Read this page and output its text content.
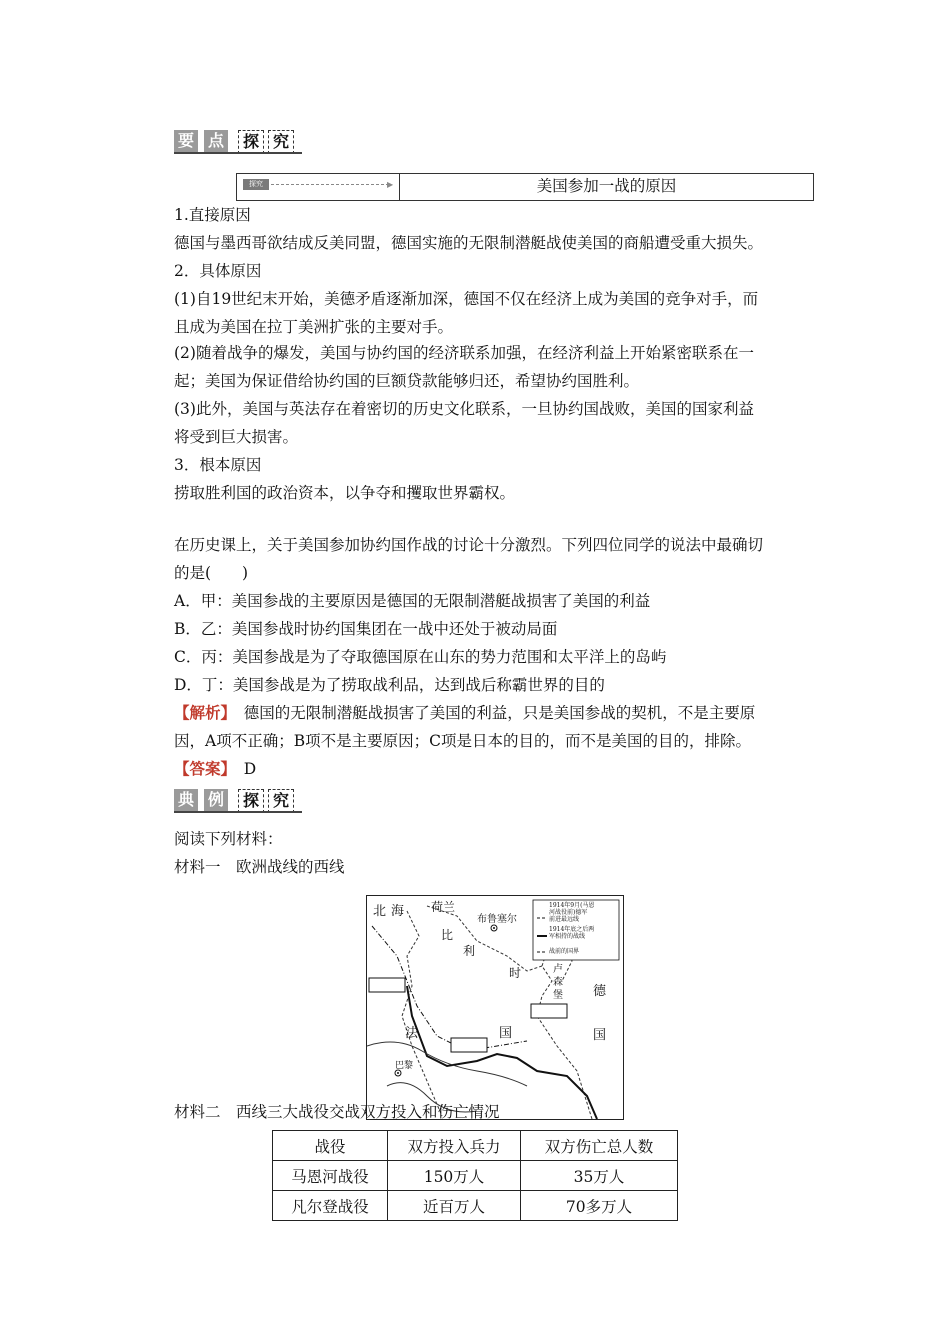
要 点	探 究
探究	▶	美国参加一战的原因
1.直接原因
德国与墨西哥欲结成反美同盟，德国实施的无限制潜艇战使美国的商船遭受重大损失。
2．具体原因
(1)自19世纪末开始，美德矛盾逐渐加深，德国不仅在经济上成为美国的竞争对手，而
且成为美国在拉丁美洲扩张的主要对手。
(2)随着战争的爆发，美国与协约国的经济联系加强，在经济利益上开始紧密联系在一
起；美国为保证借给协约国的巨额贷款能够归还，希望协约国胜利。
(3)此外，美国与英法存在着密切的历史文化联系，一旦协约国战败，美国的国家利益
将受到巨大损害。
3．根本原因
捞取胜利国的政治资本，以争夺和攫取世界霸权。
在历史课上，关于美国参加协约国作战的讨论十分激烈。下列四位同学的说法中最确切
的是(　　)
A．甲：美国参战的主要原因是德国的无限制潜艇战损害了美国的利益
B．乙：美国参战时协约国集团在一战中还处于被动局面
C．丙：美国参战是为了夺取德国原在山东的势力范围和太平洋上的岛屿
D．丁：美国参战是为了捞取战利品，达到战后称霸世界的目的
【解析】　德国的无限制潜艇战损害了美国的利益，只是美国参战的契机，不是主要原
因，A项不正确；B项不是主要原因；C项是日本的目的，而不是美国的目的，排除。
【答案】　D
典 例	探 究
阅读下列材料：
材料一　欧洲战线的西线
北 海 荷兰
布鲁塞尔
比
利
时	卢
森
堡 德
国
法	国
巴黎
1914年9月(马恩
河战役前)德军
前进最远线
1914年底之后两
军相持的战线
战前的国界
材料二　西线三大战役交战双方投入和伤亡情况
战役	双方投入兵力	双方伤亡总人数
马恩河战役	150万人	35万人
凡尔登战役	近百万人	70多万人
